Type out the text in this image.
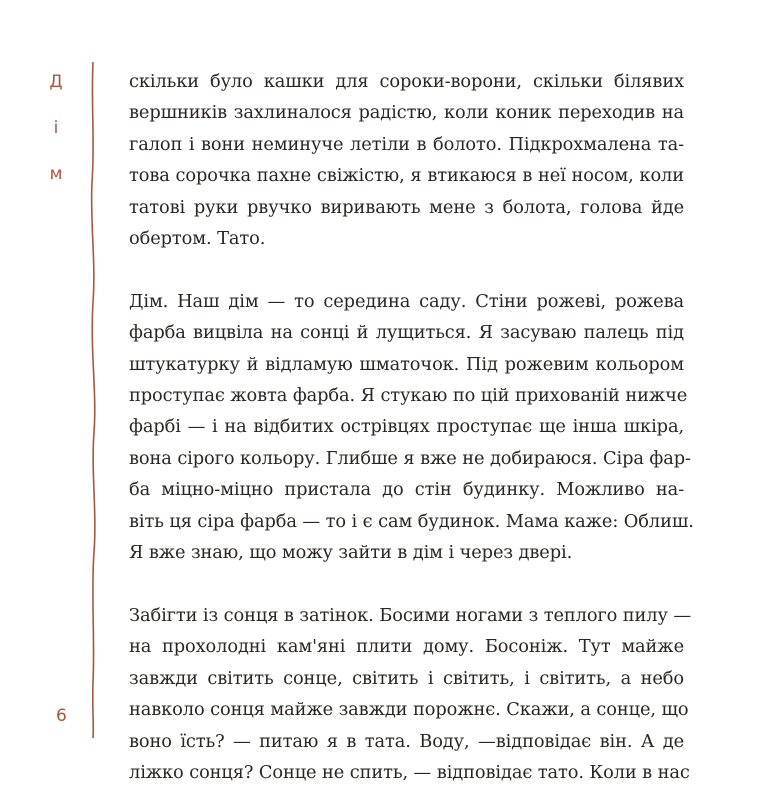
Д
і
м
6

скільки було кашки для сороки-ворони, скільки білявих
вершників захлиналося радістю, коли коник переходив на
галоп і вони неминуче летіли в болото. Підкрохмалена та-
това сорочка пахне свіжістю, я втикаюся в неї носом, коли
татові руки рвучко виривають мене з болота, голова йде
обертом. Тато.

Дім. Наш дім — то середина саду. Стіни рожеві, рожева
фарба вицвіла на сонці й лущиться. Я засуваю палець під
штукатурку й відламую шматочок. Під рожевим кольором
проступає жовта фарба. Я стукаю по цій прихованій нижче
фарбі — і на відбитих острівцях проступає ще інша шкіра,
вона сірого кольору. Глибше я вже не добираюся. Сіра фар-
ба міцно-міцно пристала до стін будинку. Можливо на-
віть ця сіра фарба — то і є сам будинок. Мама каже: Облиш.
Я вже знаю, що можу зайти в дім і через двері.

Забігти із сонця в затінок. Босими ногами з теплого пилу —
на прохолодні кам'яні плити дому. Босоніж. Тут майже
завжди світить сонце, світить і світить, і світить, а небо
навколо сонця майже завжди порожнє. Скажи, а сонце, що
воно їсть? — питаю я в тата. Воду, —відповідає він. А де
ліжко сонця? Сонце не спить, — відповідає тато. Коли в нас
